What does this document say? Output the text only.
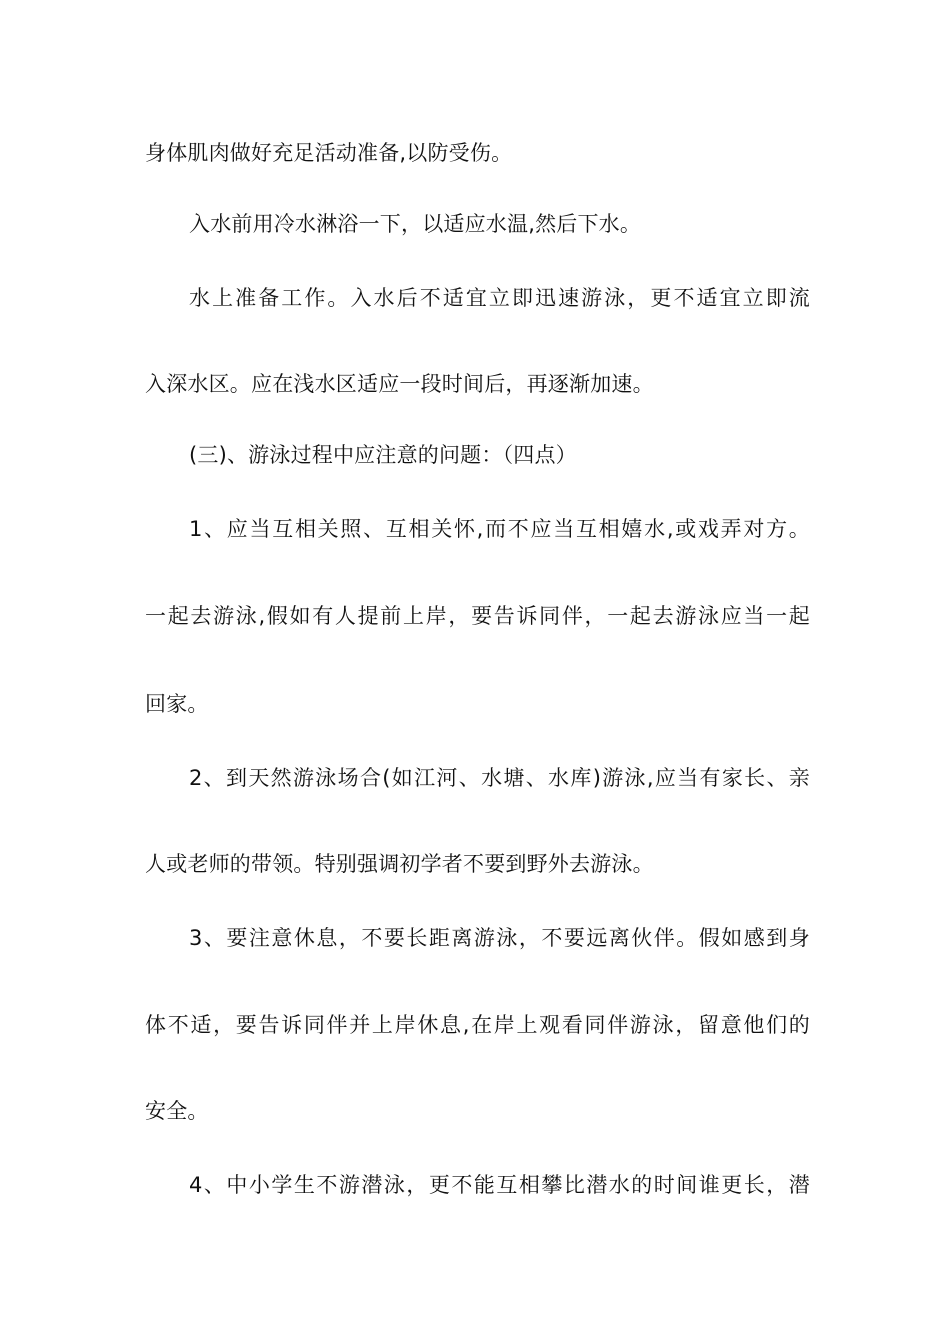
身体肌肉做好充足活动准备,以防受伤。
入水前用冷水淋浴一下，以适应水温,然后下水。
水上准备工作。入水后不适宜立即迅速游泳，更不适宜立即流
入深水区。应在浅水区适应一段时间后，再逐渐加速。
(三)、游泳过程中应注意的问题：（四点）
1、应当互相关照、互相关怀,而不应当互相嬉水,或戏弄对方。
一起去游泳,假如有人提前上岸，要告诉同伴，一起去游泳应当一起
回家。
2、到天然游泳场合(如江河、水塘、水库)游泳,应当有家长、亲
人或老师的带领。特别强调初学者不要到野外去游泳。
3、要注意休息，不要长距离游泳，不要远离伙伴。假如感到身
体不适，要告诉同伴并上岸休息,在岸上观看同伴游泳，留意他们的
安全。
4、中小学生不游潜泳，更不能互相攀比潜水的时间谁更长，潜
